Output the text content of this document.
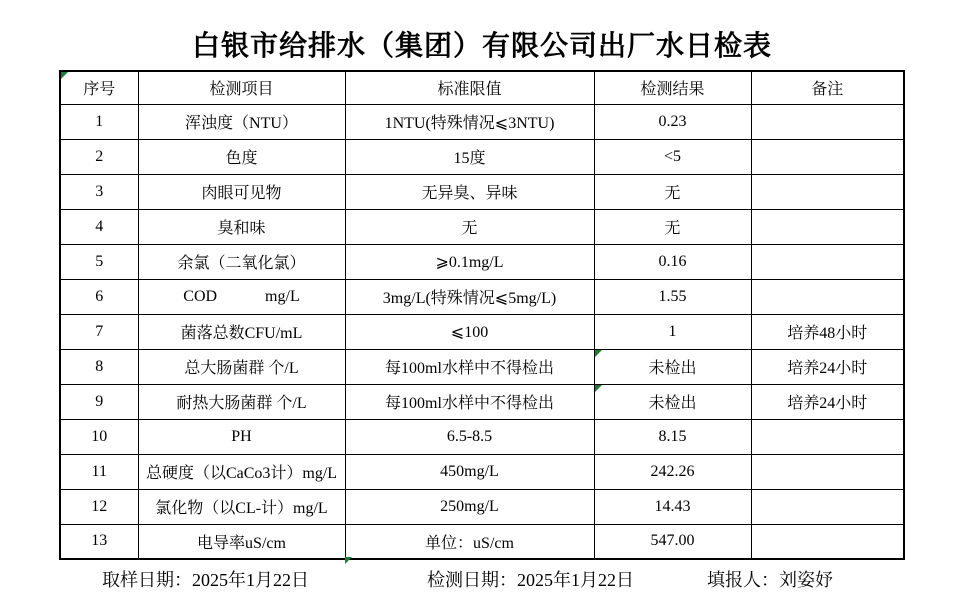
白银市给排水（集团）有限公司出厂水日检表
序号	检测项目	标准限值	检测结果	备注
1	浑浊度（NTU）	1NTU(特殊情况⩽3NTU)	0.23	
2	色度	15度	<5	
3	肉眼可见物	无异臭、异味	无	
4	臭和味	无	无	
5	余氯（二氧化氯）	⩾0.1mg/L	0.16	
6	COD            mg/L	3mg/L(特殊情况⩽5mg/L)	1.55	
7	菌落总数CFU/mL	⩽100	1	培养48小时
8	总大肠菌群 个/L	每100ml水样中不得检出	未检出	培养24小时
9	耐热大肠菌群 个/L	每100ml水样中不得检出	未检出	培养24小时
10	PH	6.5-8.5	8.15	
11	总硬度（以CaCo3计）mg/L	450mg/L	242.26	
12	氯化物（以CL-计）mg/L	250mg/L	14.43	
13	电导率uS/cm	单位：uS/cm	547.00	
取样日期：2025年1月22日	检测日期：2025年1月22日	填报人：刘姿妤
